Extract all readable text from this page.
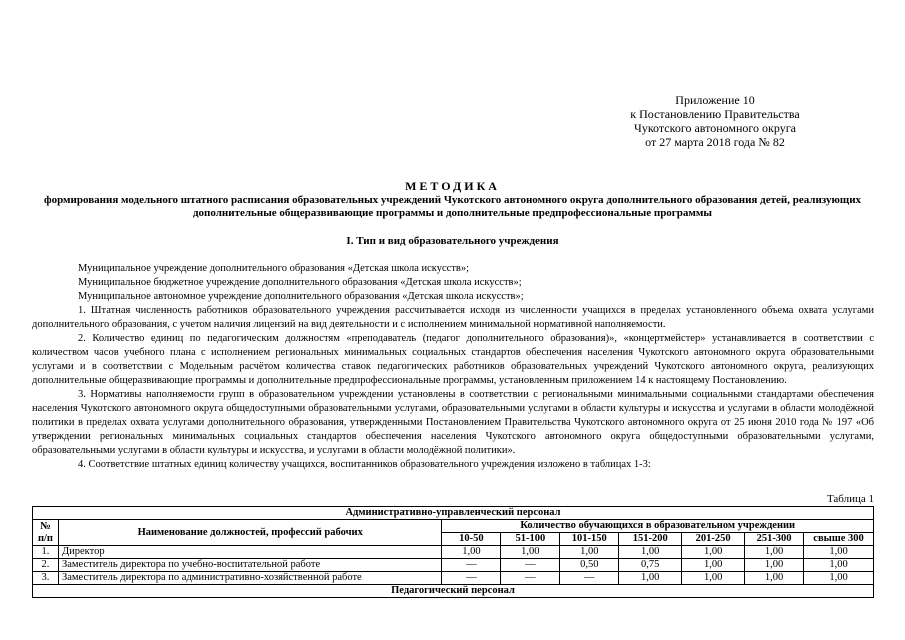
Приложение 10
к Постановлению Правительства
Чукотского автономного округа
от 27 марта 2018 года № 82
МЕТОДИКА
формирования модельного штатного расписания образовательных учреждений Чукотского автономного округа дополнительного образования детей, реализующих дополнительные общеразвивающие программы и дополнительные предпрофессиональные программы
I. Тип и вид образовательного учреждения

Муниципальное учреждение дополнительного образования «Детская школа искусств»;

Муниципальное бюджетное учреждение дополнительного образования «Детская школа искусств»;

Муниципальное автономное учреждение дополнительного образования «Детская школа искусств»;

1. Штатная численность работников образовательного учреждения рассчитывается исходя из численности учащихся в пределах установленного объема охвата услугами дополнительного образования, с учетом наличия лицензий на вид деятельности и с исполнением минимальной нормативной наполняемости.

2. Количество единиц по педагогическим должностям «преподаватель (педагог дополнительного образования)», «концертмейстер» устанавливается в соответствии с количеством часов учебного плана с исполнением региональных минимальных социальных стандартов обеспечения населения Чукотского автономного округа образовательными услугами и в соответствии с Модельным расчётом количества ставок педагогических работников образовательных учреждений Чукотского автономного округа, реализующих дополнительные общеразвивающие программы и дополнительные предпрофессиональные программы, установленным приложением 14 к настоящему Постановлению.

3. Нормативы наполняемости групп в образовательном учреждении установлены в соответствии с региональными минимальными социальными стандартами обеспечения населения Чукотского автономного округа общедоступными образовательными услугами, образовательными услугами в области культуры и искусства и услугами в области молодёжной политики в пределах охвата услугами дополнительного образования, утвержденными Постановлением Правительства Чукотского автономного округа от 25 июня 2010 года № 197 «Об утверждении региональных минимальных социальных стандартов обеспечения населения Чукотского автономного округа общедоступными образовательными услугами, образовательными услугами в области культуры и искусства, и услугами в области молодёжной политики».

4. Соответствие штатных единиц количеству учащихся, воспитанников образовательного учреждения изложено в таблицах 1-3:

Таблица 1
Административно-управленческий персонал								
№ п/п	Наименование должностей, профессий рабочих	Количество обучающихся в образовательном учреждении						
		10-50	51-100	101-150	151-200	201-250	251-300	свыше 300
1.	Директор	1,00	1,00	1,00	1,00	1,00	1,00	1,00
2.	Заместитель директора по учебно-воспитательной работе	—	—	0,50	0,75	1,00	1,00	1,00
3.	Заместитель директора по административно-хозяйственной работе	—	—	—	1,00	1,00	1,00	1,00
Педагогический персонал								
